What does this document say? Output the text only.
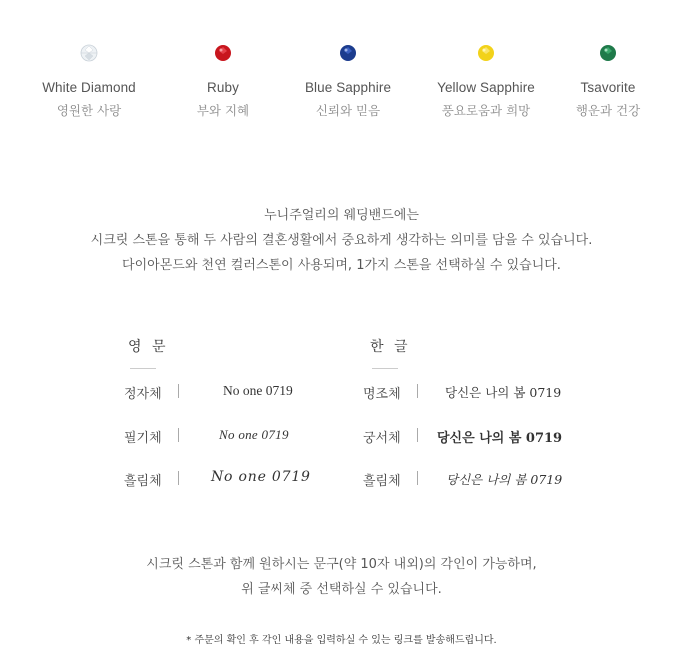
White Diamond
영원한 사랑
Ruby
부와 지혜
Blue Sapphire
신뢰와 믿음
Yellow Sapphire
풍요로움과 희망
Tsavorite
행운과 건강
누니주얼리의 웨딩밴드에는
시크릿 스톤을 통해 두 사람의 결혼생활에서 중요하게 생각하는 의미를 담을 수 있습니다.
다이아몬드와 천연 컬러스톤이 사용되며, 1가지 스톤을 선택하실 수 있습니다.
영 문	한 글
정자체	No one 0719	명조체	당신은 나의 봄 0719
필기체	No one 0719	궁서체	당신은 나의 봄 0719
흘림체	No one 0719	흘림체	당신은 나의 봄 0719
시크릿 스톤과 함께 원하시는 문구(약 10자 내외)의 각인이 가능하며,
위 글씨체 중 선택하실 수 있습니다.
* 주문의 확인 후 각인 내용을 입력하실 수 있는 링크를 발송해드립니다.
